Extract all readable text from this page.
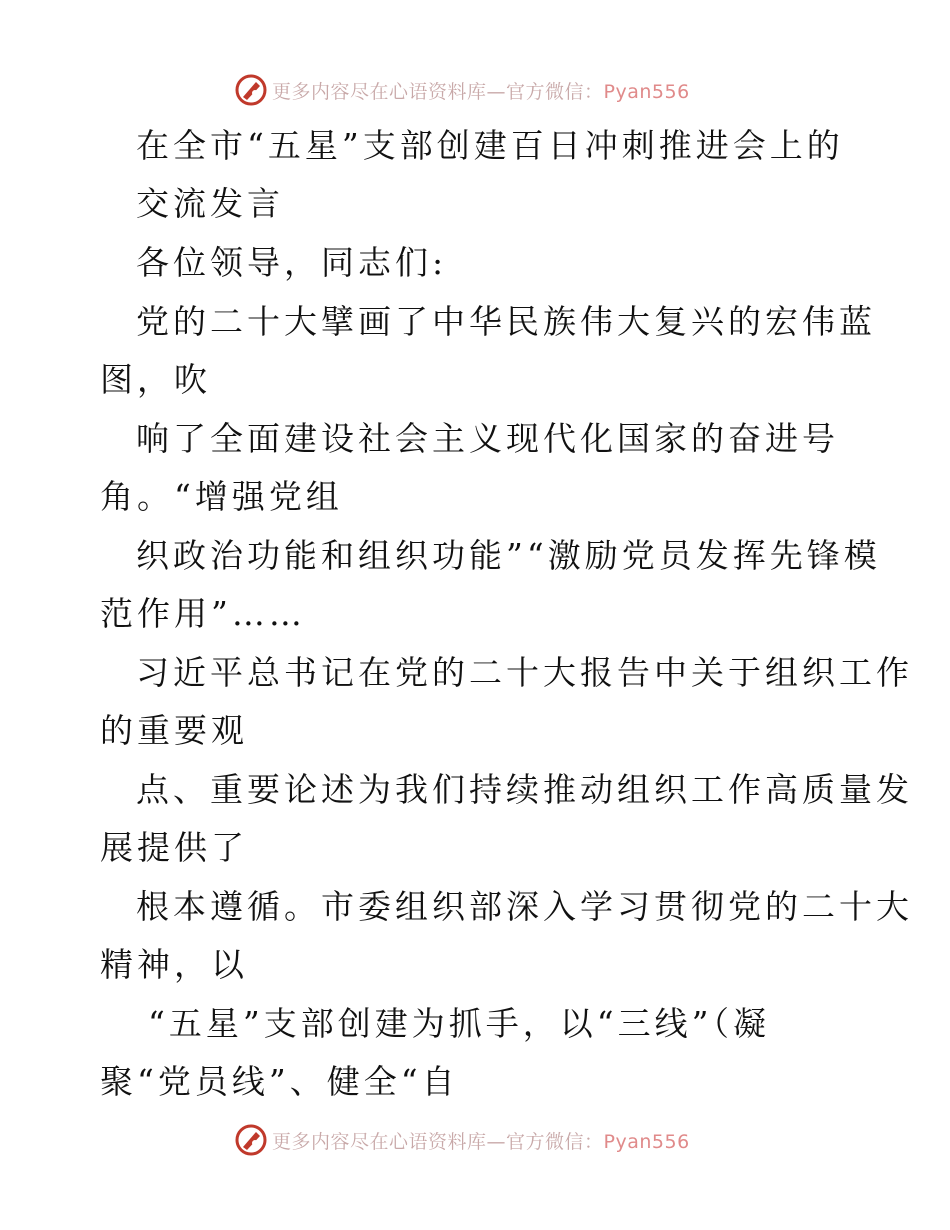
更多内容尽在心语资料库—官方微信：Pyan556
在全市“五星”支部创建百日冲刺推进会上的
交流发言
各位领导，同志们:
党的二十大擘画了中华民族伟大复兴的宏伟蓝
图，吹
响了全面建设社会主义现代化国家的奋进号
角。“增强党组
织政治功能和组织功能”“激励党员发挥先锋模
范作用”……
习近平总书记在党的二十大报告中关于组织工作
的重要观
点、重要论述为我们持续推动组织工作高质量发
展提供了
根本遵循。市委组织部深入学习贯彻党的二十大
精神，以
“五星”支部创建为抓手，以“三线”（凝
聚“党员线”、健全“自
更多内容尽在心语资料库—官方微信：Pyan556
